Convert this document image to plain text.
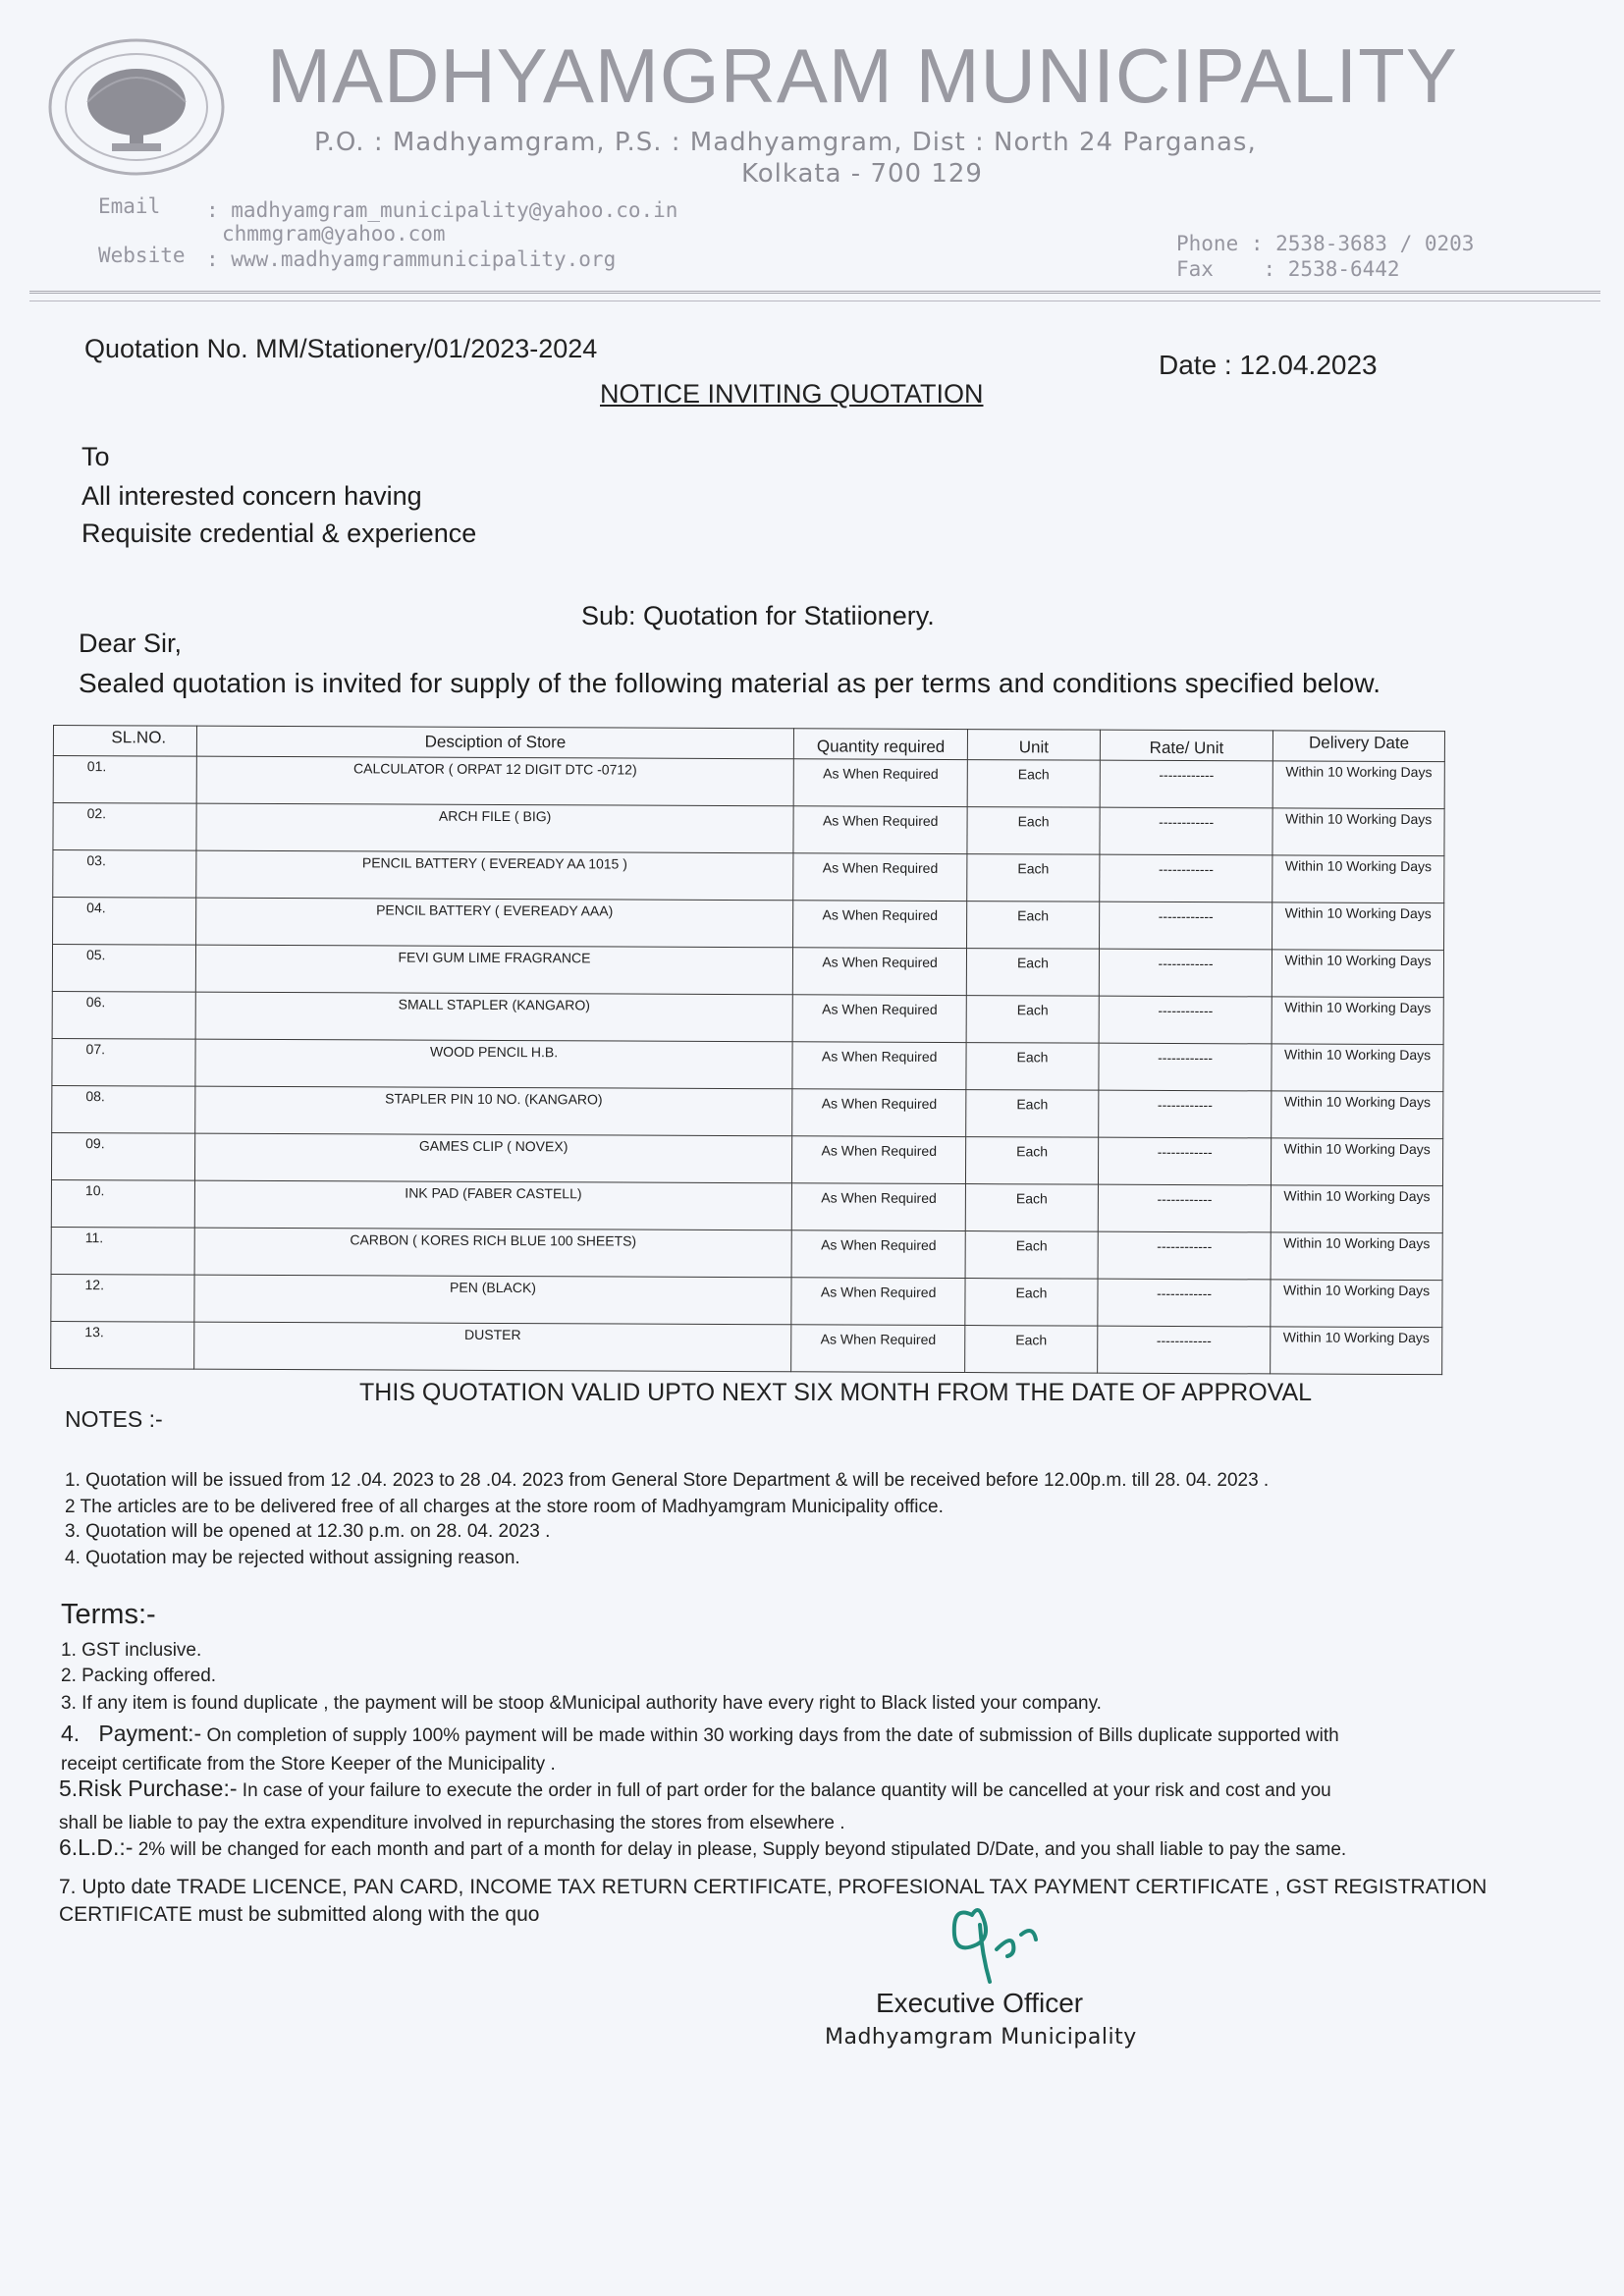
MADHYAMGRAM MUNICIPALITY
P.O. : Madhyamgram, P.S. : Madhyamgram, Dist : North 24 Parganas,
Kolkata - 700 129
Email : madhyamgram_municipality@yahoo.co.in
chmmgram@yahoo.com
Website : www.madhyamgrammunicipality.org
Phone : 2538-3683 / 0203
Fax    : 2538-6442
Quotation No. MM/Stationery/01/2023-2024
Date : 12.04.2023
NOTICE INVITING QUOTATION
To
All interested concern having
Requisite credential & experience
Sub: Quotation for Statiionery.
Dear Sir,
Sealed quotation is invited for supply of the following material as per terms and conditions specified below.
SL.NO.	Desciption of Store	Quantity required	Unit	Rate/ Unit	Delivery Date
01.	CALCULATOR ( ORPAT 12 DIGIT DTC -0712)	As When Required	Each	------------	Within 10 Working Days
02.	ARCH FILE ( BIG)	As When Required	Each	------------	Within 10 Working Days
03.	PENCIL BATTERY ( EVEREADY AA 1015 )	As When Required	Each	------------	Within 10 Working Days
04.	PENCIL BATTERY ( EVEREADY AAA)	As When Required	Each	------------	Within 10 Working Days
05.	FEVI GUM LIME FRAGRANCE	As When Required	Each	------------	Within 10 Working Days
06.	SMALL STAPLER (KANGARO)	As When Required	Each	------------	Within 10 Working Days
07.	WOOD PENCIL H.B.	As When Required	Each	------------	Within 10 Working Days
08.	STAPLER PIN 10 NO. (KANGARO)	As When Required	Each	------------	Within 10 Working Days
09.	GAMES CLIP ( NOVEX)	As When Required	Each	------------	Within 10 Working Days
10.	INK PAD (FABER CASTELL)	As When Required	Each	------------	Within 10 Working Days
11.	CARBON ( KORES RICH BLUE 100 SHEETS)	As When Required	Each	------------	Within 10 Working Days
12.	PEN (BLACK)	As When Required	Each	------------	Within 10 Working Days
13.	DUSTER	As When Required	Each	------------	Within 10 Working Days
THIS QUOTATION VALID UPTO NEXT SIX MONTH FROM THE DATE OF APPROVAL
NOTES :-
1. Quotation will be issued from 12 .04. 2023 to 28 .04. 2023 from General Store Department & will be received before 12.00p.m. till 28. 04. 2023 .
2 The articles are to be delivered free of all charges at the store room of Madhyamgram Municipality office.
3. Quotation will be opened at 12.30 p.m. on 28. 04. 2023 .
4. Quotation may be rejected without assigning reason.
Terms:-
1. GST inclusive.
2. Packing offered.
3. If any item is found duplicate , the payment will be stoop &Municipal authority have every right to Black listed your company.
4.   Payment:- On completion of supply 100% payment will be made within 30 working days from the date of submission of Bills duplicate supported with
receipt certificate from the Store Keeper of the Municipality .
5.Risk Purchase:- In case of your failure to execute the order in full of part order for the balance quantity will be cancelled at your risk and cost and you
shall be liable to pay the extra expenditure involved in repurchasing the stores from elsewhere .
6.L.D.:- 2% will be changed for each month and part of a month for delay in please, Supply beyond stipulated D/Date, and you shall liable to pay the same.
7. Upto date TRADE LICENCE, PAN CARD, INCOME TAX RETURN CERTIFICATE, PROFESIONAL TAX PAYMENT CERTIFICATE , GST REGISTRATION
CERTIFICATE must be submitted along with the quo
Executive Officer
Madhyamgram Municipality
